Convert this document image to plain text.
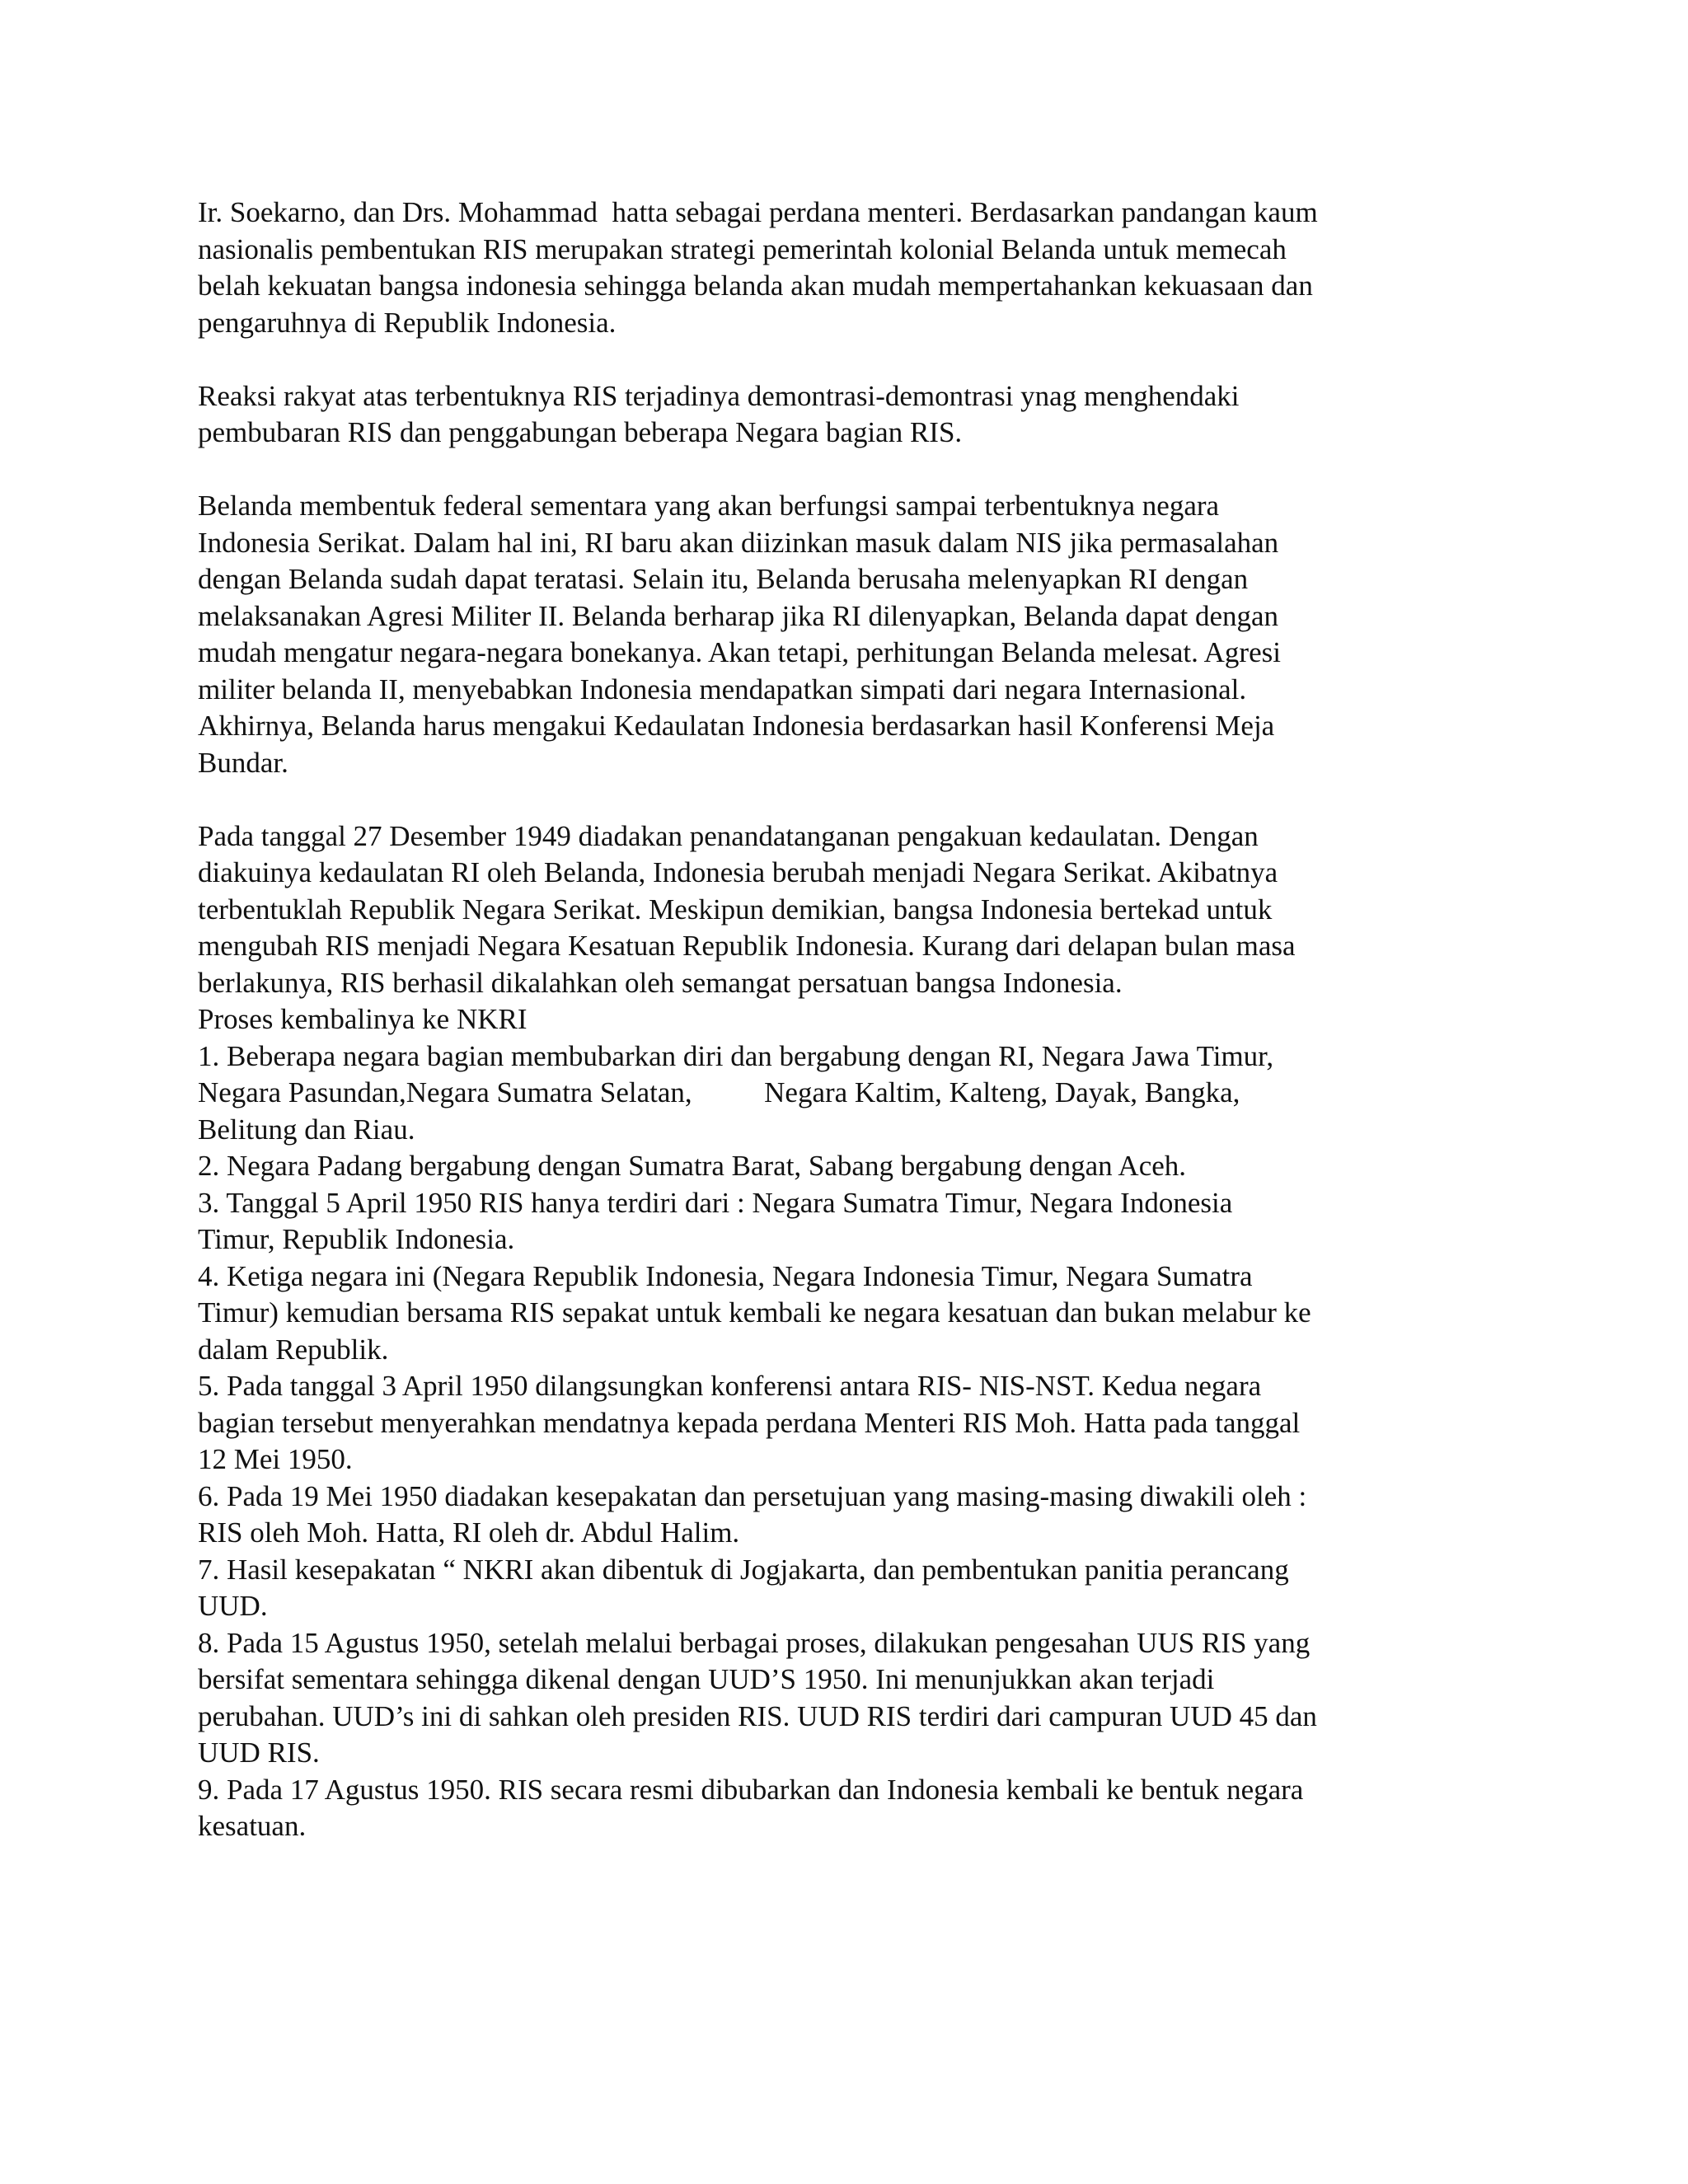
Ir. Soekarno, dan Drs. Mohammad  hatta sebagai perdana menteri. Berdasarkan pandangan kaum
nasionalis pembentukan RIS merupakan strategi pemerintah kolonial Belanda untuk memecah
belah kekuatan bangsa indonesia sehingga belanda akan mudah mempertahankan kekuasaan dan
pengaruhnya di Republik Indonesia.
Reaksi rakyat atas terbentuknya RIS terjadinya demontrasi-demontrasi ynag menghendaki
pembubaran RIS dan penggabungan beberapa Negara bagian RIS.
Belanda membentuk federal sementara yang akan berfungsi sampai terbentuknya negara
Indonesia Serikat. Dalam hal ini, RI baru akan diizinkan masuk dalam NIS jika permasalahan
dengan Belanda sudah dapat teratasi. Selain itu, Belanda berusaha melenyapkan RI dengan
melaksanakan Agresi Militer II. Belanda berharap jika RI dilenyapkan, Belanda dapat dengan
mudah mengatur negara-negara bonekanya. Akan tetapi, perhitungan Belanda melesat. Agresi
militer belanda II, menyebabkan Indonesia mendapatkan simpati dari negara Internasional.
Akhirnya, Belanda harus mengakui Kedaulatan Indonesia berdasarkan hasil Konferensi Meja
Bundar.
Pada tanggal 27 Desember 1949 diadakan penandatanganan pengakuan kedaulatan. Dengan
diakuinya kedaulatan RI oleh Belanda, Indonesia berubah menjadi Negara Serikat. Akibatnya
terbentuklah Republik Negara Serikat. Meskipun demikian, bangsa Indonesia bertekad untuk
mengubah RIS menjadi Negara Kesatuan Republik Indonesia. Kurang dari delapan bulan masa
berlakunya, RIS berhasil dikalahkan oleh semangat persatuan bangsa Indonesia.
Proses kembalinya ke NKRI
1. Beberapa negara bagian membubarkan diri dan bergabung dengan RI, Negara Jawa Timur,
Negara Pasundan,Negara Sumatra Selatan,          Negara Kaltim, Kalteng, Dayak, Bangka,
Belitung dan Riau.
2. Negara Padang bergabung dengan Sumatra Barat, Sabang bergabung dengan Aceh.
3. Tanggal 5 April 1950 RIS hanya terdiri dari : Negara Sumatra Timur, Negara Indonesia
Timur, Republik Indonesia.
4. Ketiga negara ini (Negara Republik Indonesia, Negara Indonesia Timur, Negara Sumatra
Timur) kemudian bersama RIS sepakat untuk kembali ke negara kesatuan dan bukan melabur ke
dalam Republik.
5. Pada tanggal 3 April 1950 dilangsungkan konferensi antara RIS- NIS-NST. Kedua negara
bagian tersebut menyerahkan mendatnya kepada perdana Menteri RIS Moh. Hatta pada tanggal
12 Mei 1950.
6. Pada 19 Mei 1950 diadakan kesepakatan dan persetujuan yang masing-masing diwakili oleh :
RIS oleh Moh. Hatta, RI oleh dr. Abdul Halim.
7. Hasil kesepakatan “ NKRI akan dibentuk di Jogjakarta, dan pembentukan panitia perancang
UUD.
8. Pada 15 Agustus 1950, setelah melalui berbagai proses, dilakukan pengesahan UUS RIS yang
bersifat sementara sehingga dikenal dengan UUD’S 1950. Ini menunjukkan akan terjadi
perubahan. UUD’s ini di sahkan oleh presiden RIS. UUD RIS terdiri dari campuran UUD 45 dan
UUD RIS.
9. Pada 17 Agustus 1950. RIS secara resmi dibubarkan dan Indonesia kembali ke bentuk negara
kesatuan.
